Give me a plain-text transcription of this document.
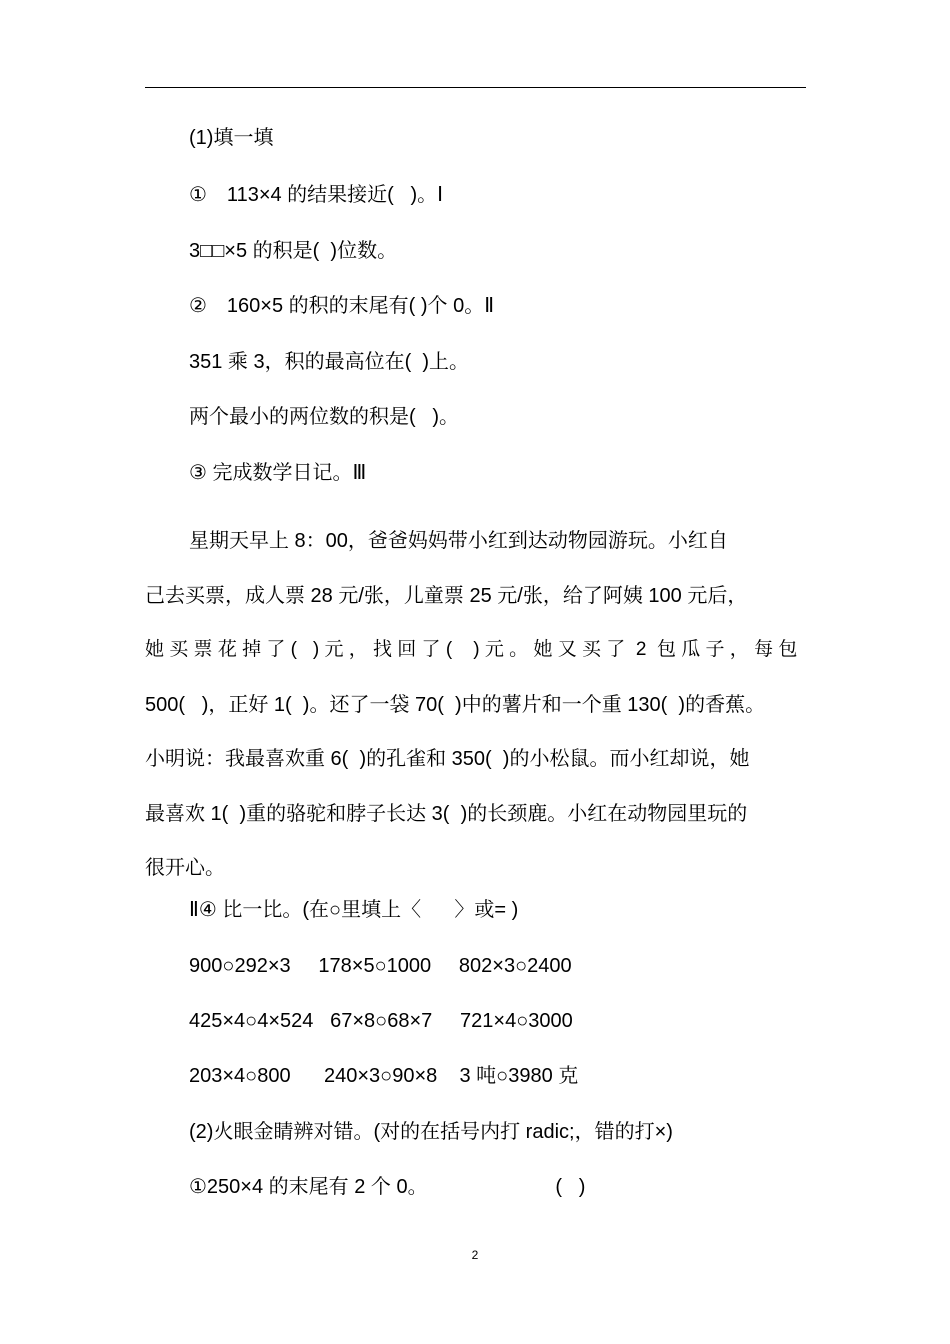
(1)填一填
①　113×4 的结果接近(   )。Ⅰ
3□□×5 的积是(  )位数。
②　160×5 的积的末尾有( )个 0。Ⅱ
351 乘 3，积的最高位在(  )上。
两个最小的两位数的积是(   )。
③ 完成数学日记。Ⅲ
星期天早上 8：00，爸爸妈妈带小红到达动物园游玩。小红自
己去买票，成人票 28 元/张，儿童票 25 元/张，给了阿姨 100 元后，
她 买 票 花 掉 了 (   ) 元 ， 找 回 了 (    ) 元 。 她 又 买 了  2  包 瓜 子 ， 每 包
500(   )，正好 1(  )。还了一袋 70(  )中的薯片和一个重 130(  )的香蕉。
小明说：我最喜欢重 6(  )的孔雀和 350(  )的小松鼠。而小红却说，她
最喜欢 1(  )重的骆驼和脖子长达 3(  )的长颈鹿。小红在动物园里玩的
很开心。
Ⅱ④ 比一比。(在○里填上〈      〉或= )
900○292×3     178×5○1000     802×3○2400
425×4○4×524   67×8○68×7     721×4○3000
203×4○800      240×3○90×8    3 吨○3980 克
(2)火眼金睛辨对错。(对的在括号内打 radic;，错的打×)
①250×4 的末尾有 2 个 0。                       (   )
2
